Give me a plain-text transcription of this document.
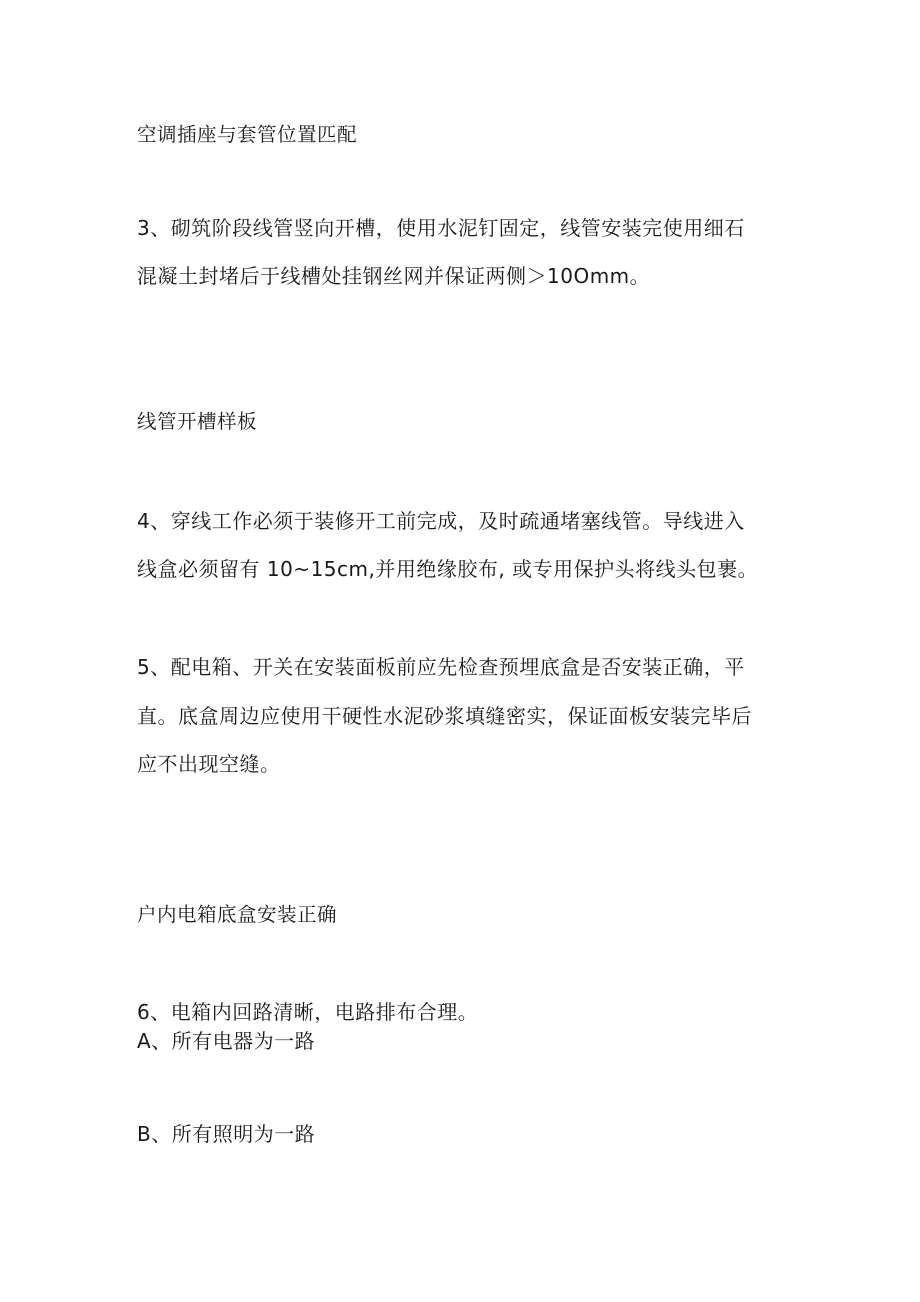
空调插座与套管位置匹配
3、砌筑阶段线管竖向开槽，使用水泥钉固定，线管安装完使用细石
混凝土封堵后于线槽处挂钢丝网并保证两侧＞10Omm。
线管开槽样板
4、穿线工作必须于装修开工前完成，及时疏通堵塞线管。导线进入
线盒必须留有 10~15cm,并用绝缘胶布, 或专用保护头将线头包裹。
5、配电箱、开关在安装面板前应先检查预埋底盒是否安装正确，平
直。底盒周边应使用干硬性水泥砂浆填缝密实，保证面板安装完毕后
应不出现空缝。
户内电箱底盒安装正确
6、电箱内回路清晰，电路排布合理。
A、所有电器为一路
B、所有照明为一路
